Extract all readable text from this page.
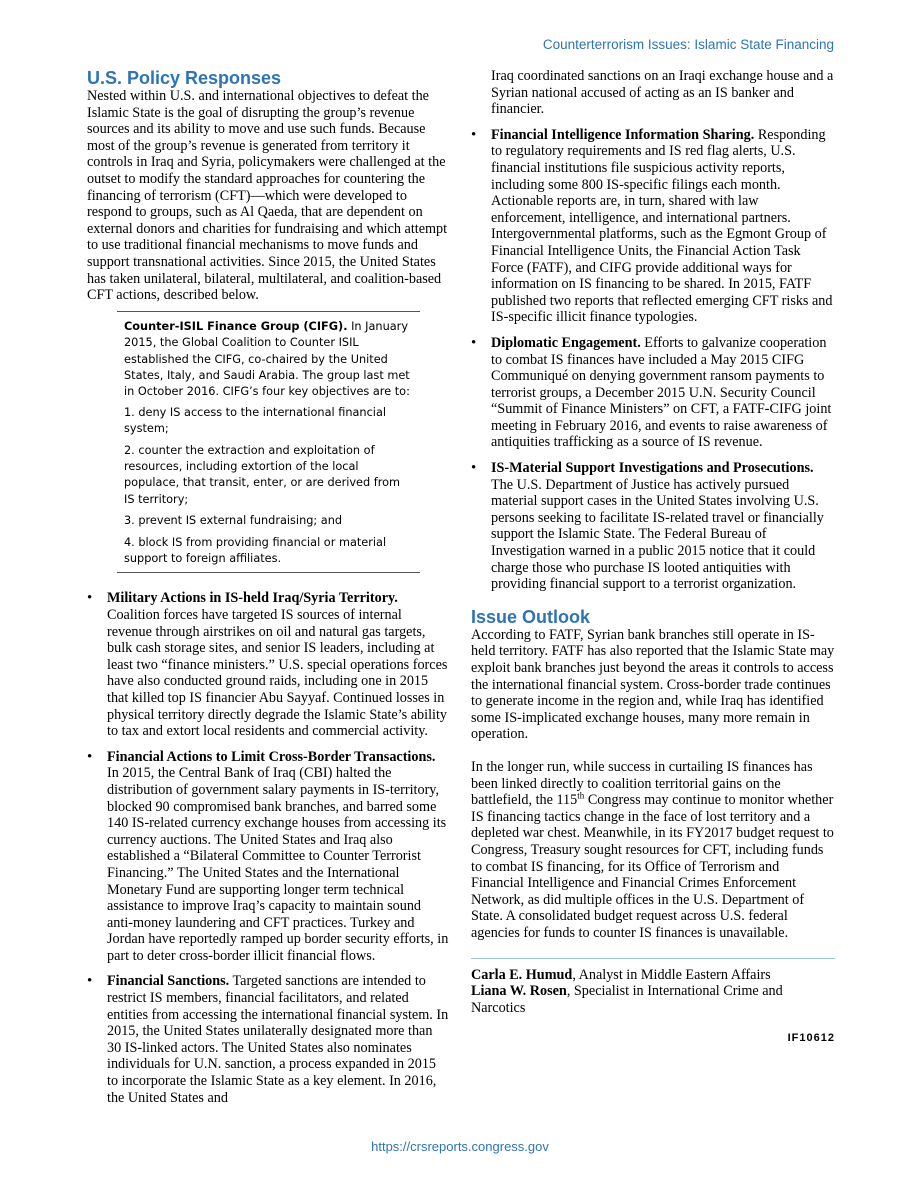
Counterterrorism Issues: Islamic State Financing
U.S. Policy Responses

Nested within U.S. and international objectives to defeat the Islamic State is the goal of disrupting the group’s revenue sources and its ability to move and use such funds. Because most of the group’s revenue is generated from territory it controls in Iraq and Syria, policymakers were challenged at the outset to modify the standard approaches for countering the financing of terrorism (CFT)—which were developed to respond to groups, such as Al Qaeda, that are dependent on external donors and charities for fundraising and which attempt to use traditional financial mechanisms to move funds and support transnational activities. Since 2015, the United States has taken unilateral, bilateral, multilateral, and coalition-based CFT actions, described below.

Counter-ISIL Finance Group (CIFG). In January 2015, the Global Coalition to Counter ISIL established the CIFG, co-chaired by the United States, Italy, and Saudi Arabia. The group last met in October 2016. CIFG’s four key objectives are to:
1. deny IS access to the international financial system;
2. counter the extraction and exploitation of resources, including extortion of the local populace, that transit, enter, or are derived from IS territory;
3. prevent IS external fundraising; and
4. block IS from providing financial or material support to foreign affiliates.
• Military Actions in IS-held Iraq/Syria Territory. Coalition forces have targeted IS sources of internal revenue through airstrikes on oil and natural gas targets, bulk cash storage sites, and senior IS leaders, including at least two “finance ministers.” U.S. special operations forces have also conducted ground raids, including one in 2015 that killed top IS financier Abu Sayyaf. Continued losses in physical territory directly degrade the Islamic State’s ability to tax and extort local residents and commercial activity.
• Financial Actions to Limit Cross-Border Transactions. In 2015, the Central Bank of Iraq (CBI) halted the distribution of government salary payments in IS-territory, blocked 90 compromised bank branches, and barred some 140 IS-related currency exchange houses from accessing its currency auctions. The United States and Iraq also established a “Bilateral Committee to Counter Terrorist Financing.” The United States and the International Monetary Fund are supporting longer term technical assistance to improve Iraq’s capacity to maintain sound anti-money laundering and CFT practices. Turkey and Jordan have reportedly ramped up border security efforts, in part to deter cross-border illicit financial flows.
• Financial Sanctions. Targeted sanctions are intended to restrict IS members, financial facilitators, and related entities from accessing the international financial system. In 2015, the United States unilaterally designated more than 30 IS-linked actors. The United States also nominates individuals for U.N. sanction, a process expanded in 2015 to incorporate the Islamic State as a key element. In 2016, the United States and
Iraq coordinated sanctions on an Iraqi exchange house and a Syrian national accused of acting as an IS banker and financier.
• Financial Intelligence Information Sharing. Responding to regulatory requirements and IS red flag alerts, U.S. financial institutions file suspicious activity reports, including some 800 IS-specific filings each month. Actionable reports are, in turn, shared with law enforcement, intelligence, and international partners. Intergovernmental platforms, such as the Egmont Group of Financial Intelligence Units, the Financial Action Task Force (FATF), and CIFG provide additional ways for information on IS financing to be shared. In 2015, FATF published two reports that reflected emerging CFT risks and IS-specific illicit finance typologies.
• Diplomatic Engagement. Efforts to galvanize cooperation to combat IS finances have included a May 2015 CIFG Communiqué on denying government ransom payments to terrorist groups, a December 2015 U.N. Security Council “Summit of Finance Ministers” on CFT, a FATF-CIFG joint meeting in February 2016, and events to raise awareness of antiquities trafficking as a source of IS revenue.
• IS-Material Support Investigations and Prosecutions. The U.S. Department of Justice has actively pursued material support cases in the United States involving U.S. persons seeking to facilitate IS-related travel or financially support the Islamic State. The Federal Bureau of Investigation warned in a public 2015 notice that it could charge those who purchase IS looted antiquities with providing financial support to a terrorist organization.
Issue Outlook

According to FATF, Syrian bank branches still operate in IS-held territory. FATF has also reported that the Islamic State may exploit bank branches just beyond the areas it controls to access the international financial system. Cross-border trade continues to generate income in the region and, while Iraq has identified some IS-implicated exchange houses, many more remain in operation.

In the longer run, while success in curtailing IS finances has been linked directly to coalition territorial gains on the battlefield, the 115th Congress may continue to monitor whether IS financing tactics change in the face of lost territory and a depleted war chest. Meanwhile, in its FY2017 budget request to Congress, Treasury sought resources for CFT, including funds to combat IS financing, for its Office of Terrorism and Financial Intelligence and Financial Crimes Enforcement Network, as did multiple offices in the U.S. Department of State. A consolidated budget request across U.S. federal agencies for funds to counter IS finances is unavailable.

Carla E. Humud, Analyst in Middle Eastern Affairs
Liana W. Rosen, Specialist in International Crime and Narcotics
IF10612
https://crsreports.congress.gov
